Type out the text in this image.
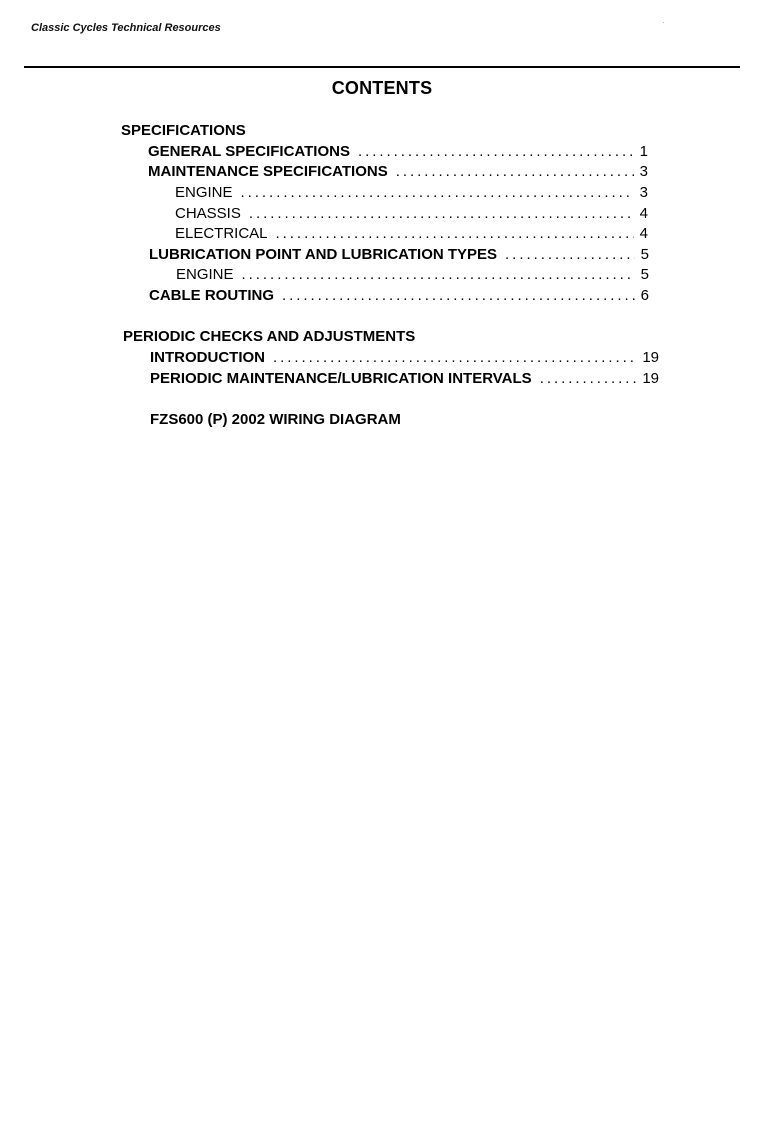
Classic Cycles Technical Resources	·
CONTENTS
SPECIFICATIONS
GENERAL SPECIFICATIONS . . .	1
MAINTENANCE SPECIFICATIONS . . .	3
ENGINE . . .	3
CHASSIS . . .	4
ELECTRICAL . . .	4
LUBRICATION POINT AND LUBRICATION TYPES . . .	5
ENGINE . . .	5
CABLE ROUTING . . .	6
PERIODIC CHECKS AND ADJUSTMENTS
INTRODUCTION . . .	19
PERIODIC MAINTENANCE/LUBRICATION INTERVALS . . .	19
FZS600 (P) 2002 WIRING DIAGRAM
